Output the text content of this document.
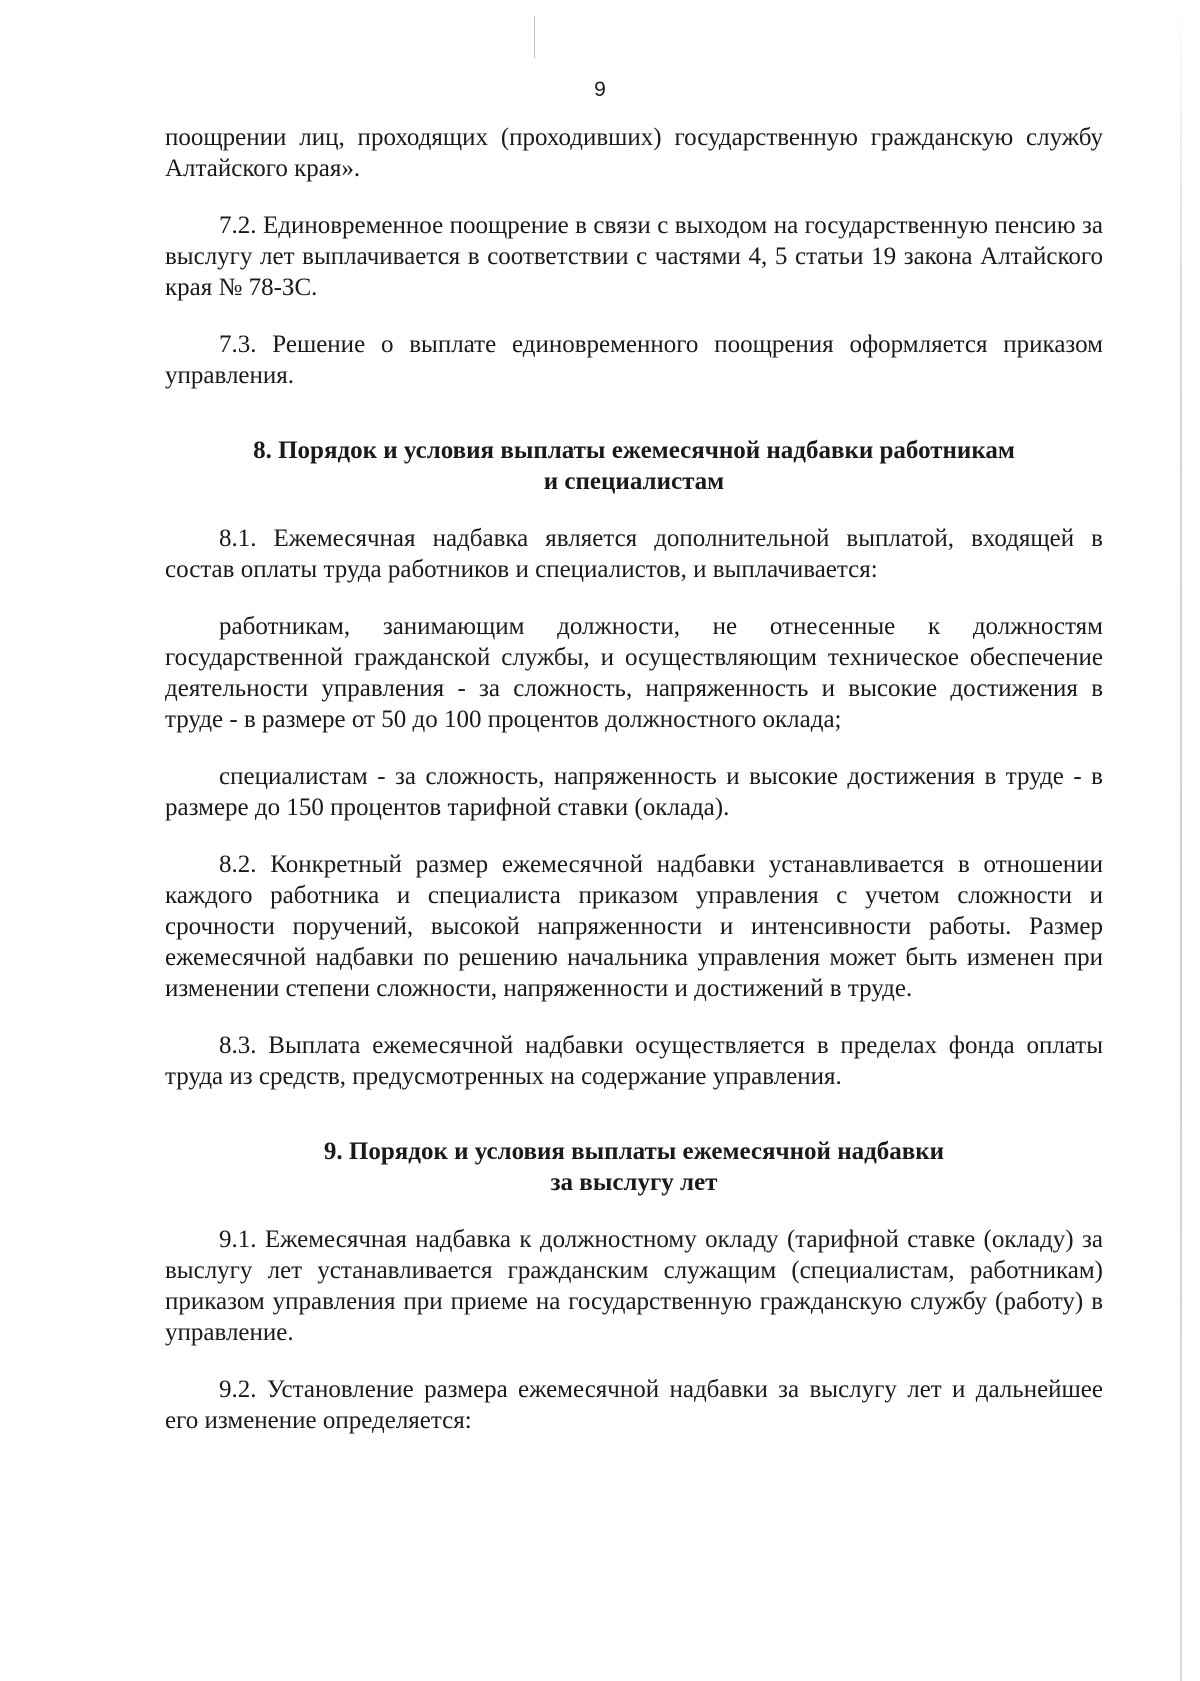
9

поощрении лиц, проходящих (проходивших) государственную гражданскую службу Алтайского края».

7.2. Единовременное поощрение в связи с выходом на государственную пенсию за выслугу лет выплачивается в соответствии с частями 4, 5 статьи 19 закона Алтайского края № 78-ЗС.

7.3. Решение о выплате единовременного поощрения оформляется приказом управления.

8. Порядок и условия выплаты ежемесячной надбавки работникам
и специалистам

8.1. Ежемесячная надбавка является дополнительной выплатой, входящей в состав оплаты труда работников и специалистов, и выплачивается:

работникам, занимающим должности, не отнесенные к должностям государственной гражданской службы, и осуществляющим техническое обеспечение деятельности управления - за сложность, напряженность и высокие достижения в труде - в размере от 50 до 100 процентов должностного оклада;

специалистам - за сложность, напряженность и высокие достижения в труде - в размере до 150 процентов тарифной ставки (оклада).

8.2. Конкретный размер ежемесячной надбавки устанавливается в отношении каждого работника и специалиста приказом управления с учетом сложности и срочности поручений, высокой напряженности и интенсивности работы. Размер ежемесячной надбавки по решению начальника управления может быть изменен при изменении степени сложности, напряженности и достижений в труде.

8.3. Выплата ежемесячной надбавки осуществляется в пределах фонда оплаты труда из средств, предусмотренных на содержание управления.

9. Порядок и условия выплаты ежемесячной надбавки
за выслугу лет

9.1. Ежемесячная надбавка к должностному окладу (тарифной ставке (окладу) за выслугу лет устанавливается гражданским служащим (специалистам, работникам) приказом управления при приеме на государственную гражданскую службу (работу) в управление.

9.2. Установление размера ежемесячной надбавки за выслугу лет и дальнейшее его изменение определяется:
